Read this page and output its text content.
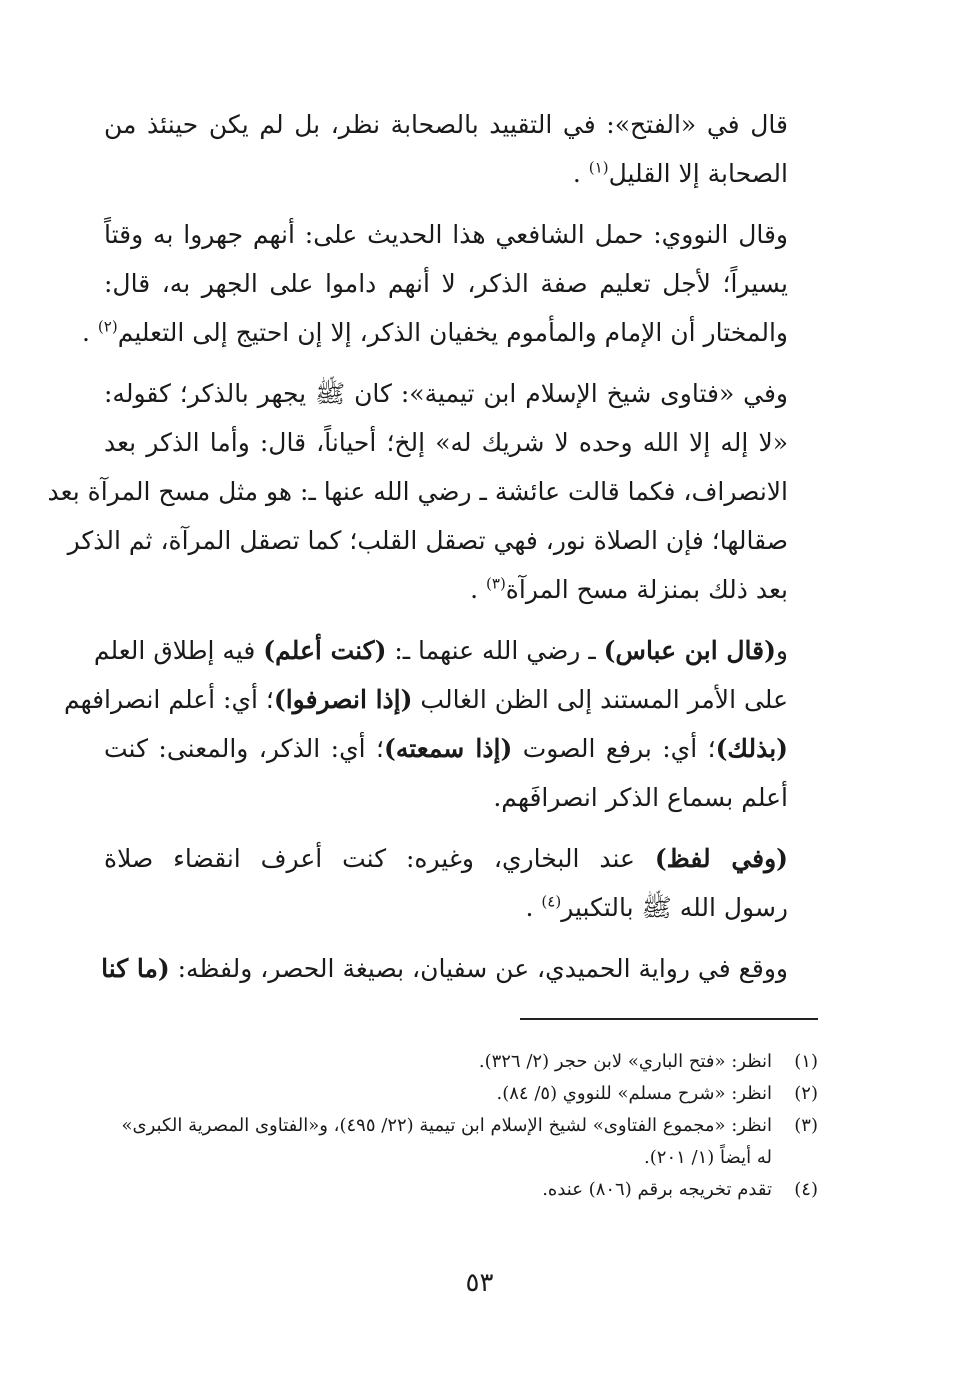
قال في «الفتح»: في التقييد بالصحابة نظر، بل لم يكن حينئذ من
الصحابة إلا القليل$^{(١)}$ .
وقال النووي: حمل الشافعي هذا الحديث على: أنهم جهروا به وقتاً
يسيراً؛ لأجل تعليم صفة الذكر، لا أنهم داموا على الجهر به، قال:
والمختار أن الإمام والمأموم يخفيان الذكر، إلا إن احتيج إلى التعليم$^{(٢)}$ .
وفي «فتاوى شيخ الإسلام ابن تيمية»: كان ﷺ يجهر بالذكر؛ كقوله:
«لا إله إلا الله وحده لا شريك له» إلخ؛ أحياناً، قال: وأما الذكر بعد
الانصراف، فكما قالت عائشة ـ رضي الله عنها ـ: هو مثل مسح المرآة بعد
صقالها؛ فإن الصلاة نور، فهي تصقل القلب؛ كما تصقل المرآة، ثم الذكر
بعد ذلك بمنزلة مسح المرآة$^{(٣)}$ .
و(قال ابن عباس) ـ رضي الله عنهما ـ: (كنت أعلم) فيه إطلاق العلم
على الأمر المستند إلى الظن الغالب (إذا انصرفوا)؛ أي: أعلم انصرافهم
(بذلك)؛ أي: برفع الصوت (إذا سمعته)؛ أي: الذكر، والمعنى: كنت
أعلم بسماع الذكر انصرافَهم.
(وفي لفظ) عند البخاري، وغيره: كنت أعرف انقضاء صلاة
رسول الله ﷺ بالتكبير$^{(٤)}$ .
ووقع في رواية الحميدي، عن سفيان، بصيغة الحصر، ولفظه: (ما كنا
(١)
انظر: «فتح الباري» لابن حجر (٢/ ٣٢٦).
(٢)
انظر: «شرح مسلم» للنووي (٥/ ٨٤).
(٣)
انظر: «مجموع الفتاوى» لشيخ الإسلام ابن تيمية (٢٢/ ٤٩٥)، و«الفتاوى المصرية الكبرى» له أيضاً (١/ ٢٠١).
(٤)
تقدم تخريجه برقم (٨٠٦) عنده.
٥٣
